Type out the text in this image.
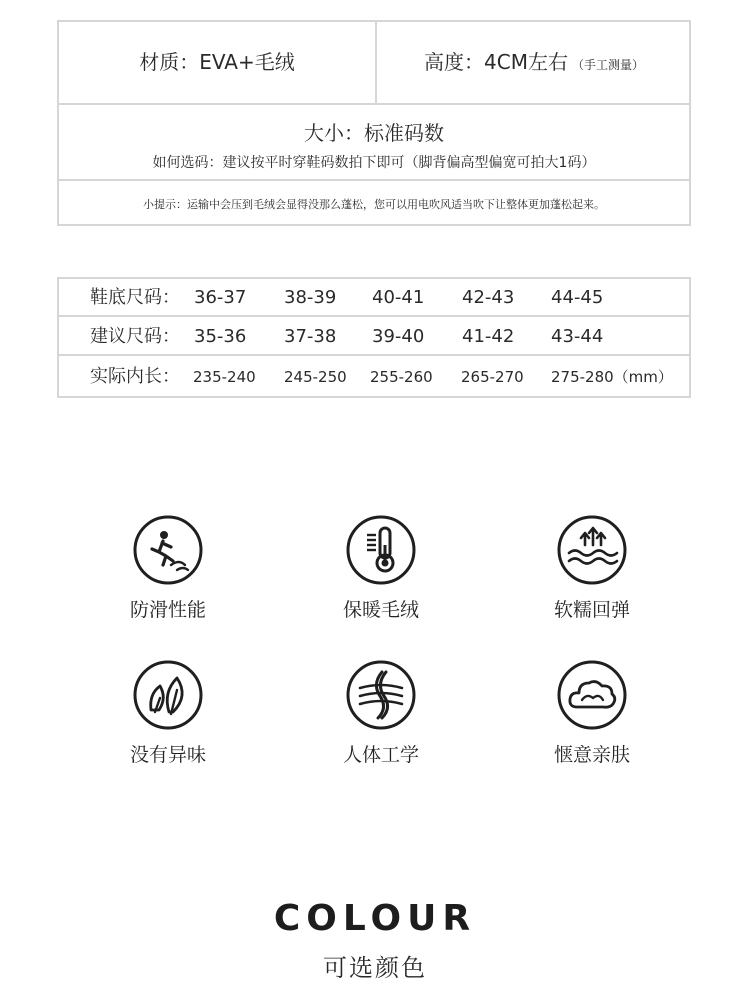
材质：EVA+毛绒	高度：4CM左右 （手工测量）
大小：标准码数
如何选码：建议按平时穿鞋码数拍下即可（脚背偏高型偏宽可拍大1码）
小提示：运输中会压到毛绒会显得没那么蓬松，您可以用电吹风适当吹下让整体更加蓬松起来。
鞋底尺码： 36-37 38-39 40-41 42-43 44-45
建议尺码： 35-36 37-38 39-40 41-42 43-44
实际内长： 235-240 245-250 255-260 265-270 275-280（mm）
防滑性能	保暖毛绒	软糯回弹
没有异味	人体工学	惬意亲肤
COLOUR
可选颜色
